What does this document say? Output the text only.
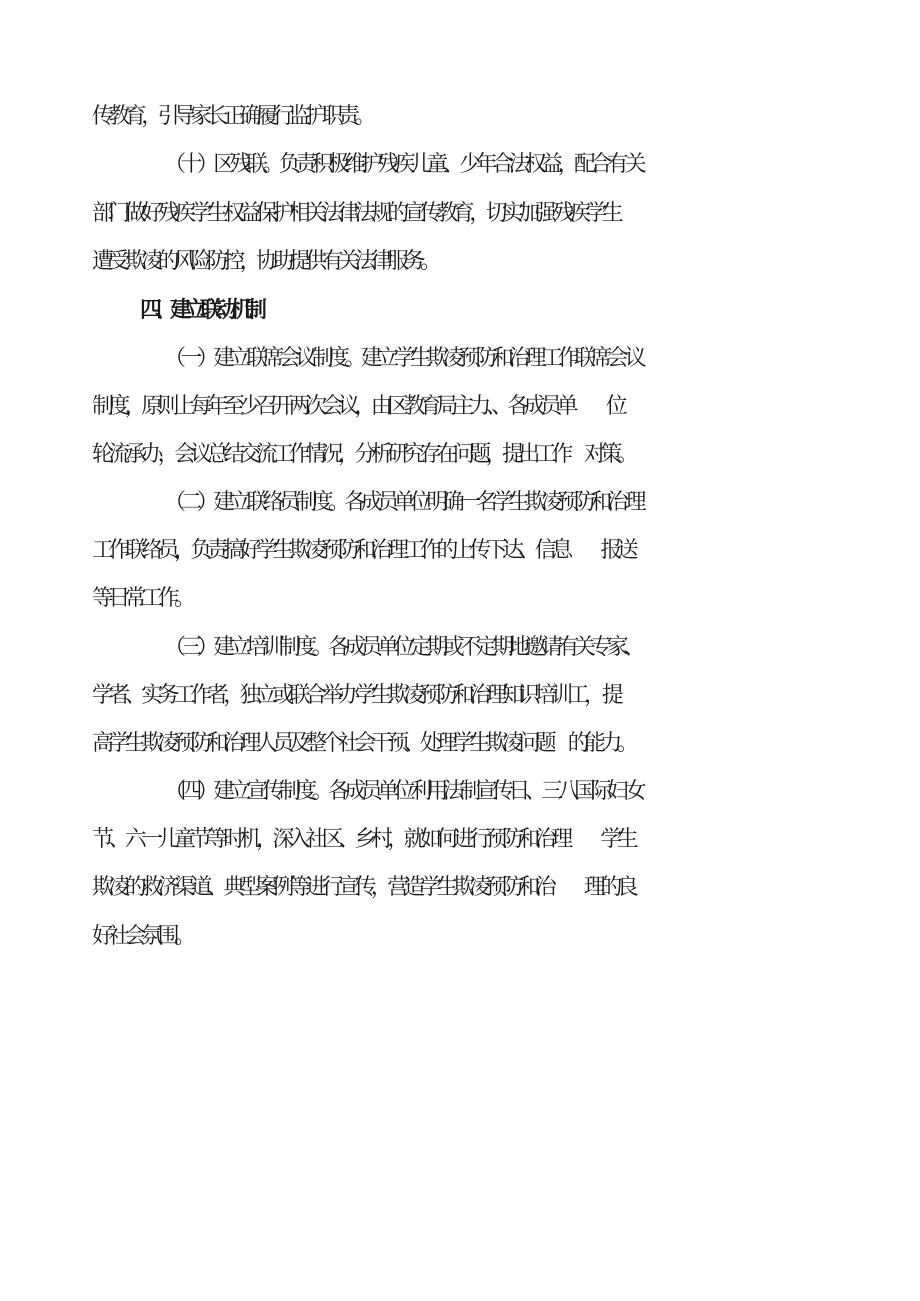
传教育，引导家长正确履行监护职责。
（十）区残联。负责积极维护残疾儿童、少年合法权益，配合有 关
部门做好残疾学生权益保护相关法律法规的宣传教育，切实加强 残疾学生
遭受欺凌的风险防控，协助提供有关法律服务。
四、建立联动机制
（一）建立联席会议制度。建立学生欺凌预防和治理工作联席会 议
制度，原则上每年至少召开两次会议，由区教育局主力、、各成员单　　位
轮流承办，会议总结交流工作情况，分析研究存在问题，提出工作　对策。
（二）建立联络员制度。各成员单位明确一名学生欺凌预防和治 理
工作联络员，负责搞好学生欺凌预防和治理工作的上传下达、信息　　报送
等日常工作。
（三）建立培训制度。各成员单位定期或不定期地邀请有关专家、
学者、实务工作者，独立或联合举办学生欺凌预防和治理知识培训工， 提
高学生欺凌预防和治理人员及整个社会干预、处理学生欺凌问题　的能力。
（四）建立宣传制度。各成员单位利用法制宣传日、三八国际妇 女
节、六一儿童节等时机，深入社区、乡村，就如何进行预防和治理　　学生
欺凌的救济渠道、典型案例等进行宣传，营造学生欺凌预防和治　　理的良
好社会氛围。
